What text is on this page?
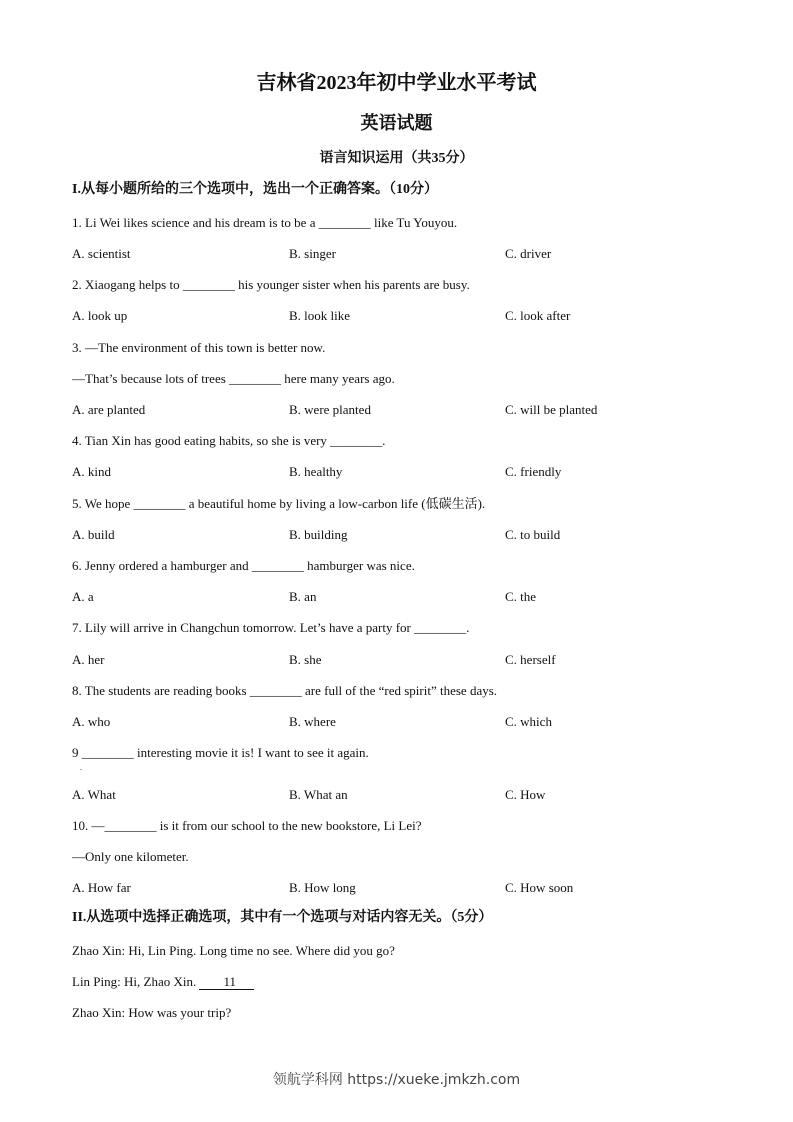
吉林省2023年初中学业水平考试
英语试题
语言知识运用（共35分）
I.从每小题所给的三个选项中，选出一个正确答案。（10分）
1. Li Wei likes science and his dream is to be a ________ like Tu Youyou.
A. scientist	B. singer	C. driver
2. Xiaogang helps to ________ his younger sister when his parents are busy.
A. look up	B. look like	C. look after
3. —The environment of this town is better now.
—That’s because lots of trees ________ here many years ago.
A. are planted	B. were planted	C. will be planted
4. Tian Xin has good eating habits, so she is very ________.
A. kind	B. healthy	C. friendly
5. We hope ________ a beautiful home by living a low-carbon life (低碳生活).
A. build	B. building	C. to build
6. Jenny ordered a hamburger and ________ hamburger was nice.
A. a	B. an	C. the
7. Lily will arrive in Changchun tomorrow. Let’s have a party for ________.
A. her	B. she	C. herself
8. The students are reading books ________ are full of the “red spirit” these days.
A. who	B. where	C. which
9 ________ interesting movie it is! I want to see it again.
.
A. What	B. What an	C. How
10. —________ is it from our school to the new bookstore, Li Lei?
—Only one kilometer.
A. How far	B. How long	C. How soon
II.从选项中选择正确选项，其中有一个选项与对话内容无关。（5分）
Zhao Xin: Hi, Lin Ping. Long time no see. Where did you go?
Lin Ping: Hi, Zhao Xin. 11
Zhao Xin: How was your trip?
领航学科网 https://xueke.jmkzh.com
